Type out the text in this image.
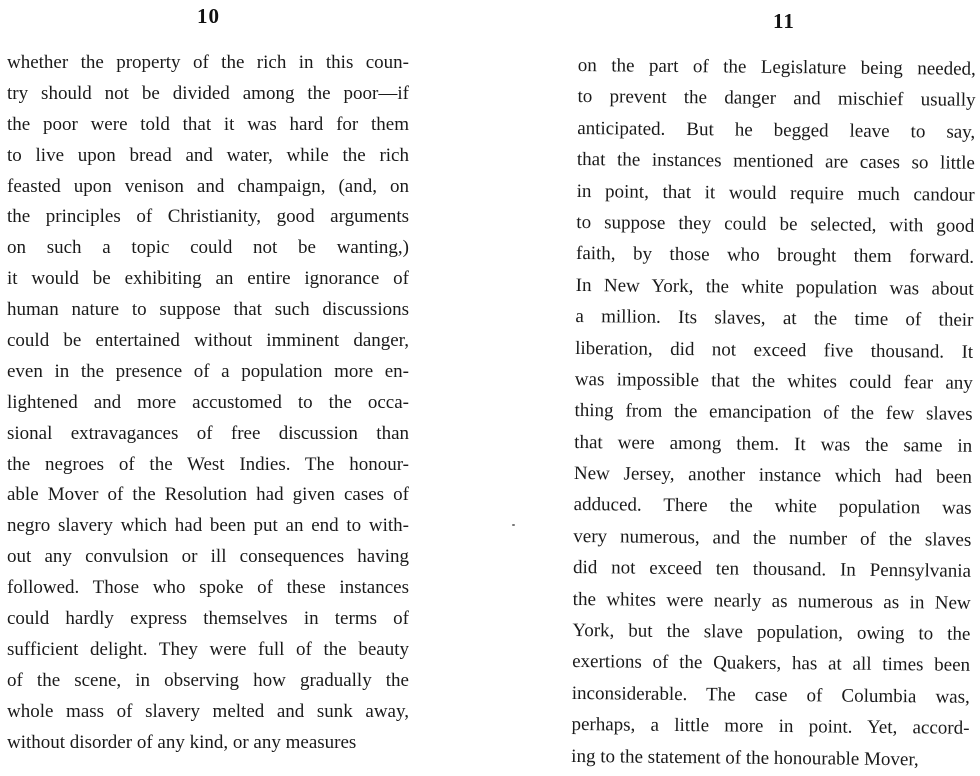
10
whether the property of the rich in this coun-
try should not be divided among the poor—if
the poor were told that it was hard for them
to live upon bread and water, while the rich
feasted upon venison and champaign, (and, on
the principles of Christianity, good arguments
on such a topic could not be wanting,)
it would be exhibiting an entire ignorance of
human nature to suppose that such discussions
could be entertained without imminent danger,
even in the presence of a population more en-
lightened and more accustomed to the occa-
sional extravagances of free discussion than
the negroes of the West Indies. The honour-
able Mover of the Resolution had given cases of
negro slavery which had been put an end to with-
out any convulsion or ill consequences having
followed. Those who spoke of these instances
could hardly express themselves in terms of
sufficient delight. They were full of the beauty
of the scene, in observing how gradually the
whole mass of slavery melted and sunk away,
without disorder of any kind, or any measures
11
on the part of the Legislature being needed,
to prevent the danger and mischief usually
anticipated. But he begged leave to say,
that the instances mentioned are cases so little
in point, that it would require much candour
to suppose they could be selected, with good
faith, by those who brought them forward.
In New York, the white population was about
a million. Its slaves, at the time of their
liberation, did not exceed five thousand. It
was impossible that the whites could fear any
thing from the emancipation of the few slaves
that were among them. It was the same in
New Jersey, another instance which had been
adduced. There the white population was
very numerous, and the number of the slaves
did not exceed ten thousand. In Pennsylvania
the whites were nearly as numerous as in New
York, but the slave population, owing to the
exertions of the Quakers, has at all times been
inconsiderable. The case of Columbia was,
perhaps, a little more in point. Yet, accord-
ing to the statement of the honourable Mover,
